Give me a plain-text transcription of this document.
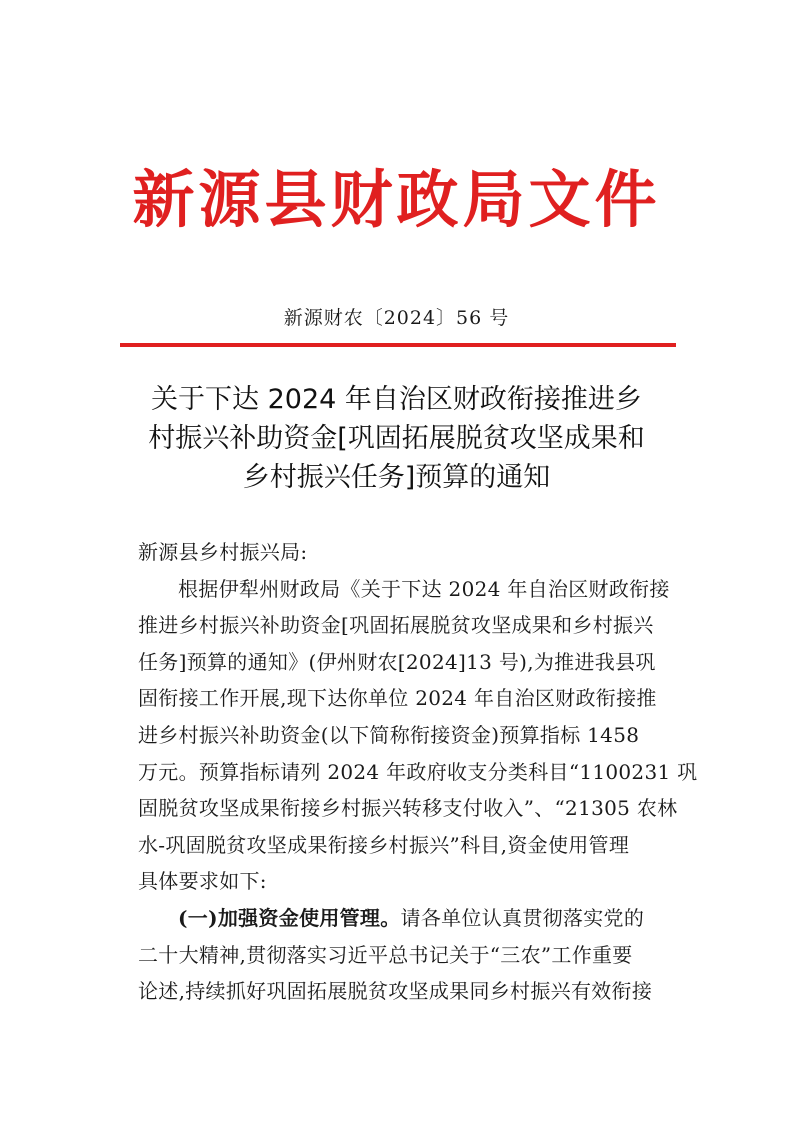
新源县财政局文件
新源财农〔2024〕56 号
关于下达 2024 年自治区财政衔接推进乡
村振兴补助资金[巩固拓展脱贫攻坚成果和
乡村振兴任务]预算的通知
新源县乡村振兴局:
根据伊犁州财政局《关于下达 2024 年自治区财政衔接
推进乡村振兴补助资金[巩固拓展脱贫攻坚成果和乡村振兴
任务]预算的通知》(伊州财农[2024]13 号),为推进我县巩
固衔接工作开展,现下达你单位 2024 年自治区财政衔接推
进乡村振兴补助资金(以下简称衔接资金)预算指标 1458
万元。预算指标请列 2024 年政府收支分类科目“1100231 巩
固脱贫攻坚成果衔接乡村振兴转移支付收入”、“21305 农林
水-巩固脱贫攻坚成果衔接乡村振兴”科目,资金使用管理
具体要求如下:
(一)加强资金使用管理。请各单位认真贯彻落实党的
二十大精神,贯彻落实习近平总书记关于“三农”工作重要
论述,持续抓好巩固拓展脱贫攻坚成果同乡村振兴有效衔接
